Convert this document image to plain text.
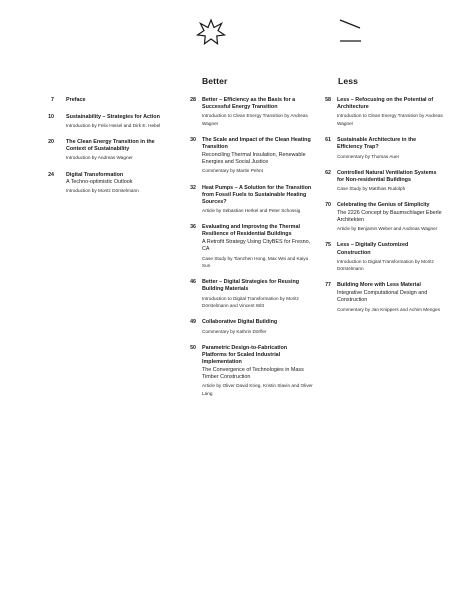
Better	Less
7 Preface
10 Sustainability – Strategies for Action
Introduction by Felix Heisel and Dirk E. Hebel
20 The Clean Energy Transition in the Context of Sustainability
Introduction by Andreas Wagner
24 Digital Transformation
A Techno-optimistic Outlook
Introduction by Moritz Dörstelmann
28 Better – Efficiency as the Basis for a Successful Energy Transition
Introduction to Clean Energy Transition by Andreas Wagner
30 The Scale and Impact of the Clean Heating Transition
Reconciling Thermal Insulation, Renewable Energies and Social Justice
Commentary by Martin Pehnt
32 Heat Pumps – A Solution for the Transition from Fossil Fuels to Sustainable Heating Sources?
Article by Sebastian Herkel and Peter Schossig
36 Evaluating and Improving the Thermal Resilience of Residential Buildings
A Retrofit Strategy Using CityBES for Fresno, CA
Case Study by Tianzhen Hong, Max Wei and Kaiyu Sun
46 Better – Digital Strategies for Reusing Building Materials
Introduction to Digital Transformation by Moritz Dörstelmann and Vincent Witt
49 Collaborative Digital Building
Commentary by Kathrin Dörfler
50 Parametric Design-to-Fabrication Platforms for Scaled Industrial Implementation
The Convergence of Technologies in Mass Timber Construction
Article by Oliver David Krieg, Kristin Slavin and Oliver Lang
58 Less – Refocusing on the Potential of Architecture
Introduction to Clean Energy Transition by Andreas Wagner
61 Sustainable Architecture in the Efficiency Trap?
Commentary by Thomas Auer
62 Controlled Natural Ventilation Systems for Non-residential Buildings
Case Study by Matthias Rudolph
70 Celebrating the Genius of Simplicity
The 2226 Concept by Baumschlager Eberle Architekten
Article by Benjamin Weber and Andreas Wagner
75 Less – Digitally Customized Construction
Introduction to Digital Transformation by Moritz Dörstelmann
77 Building More with Less Material
Integrative Computational Design and Construction
Commentary by Jan Knippers and Achim Menges
